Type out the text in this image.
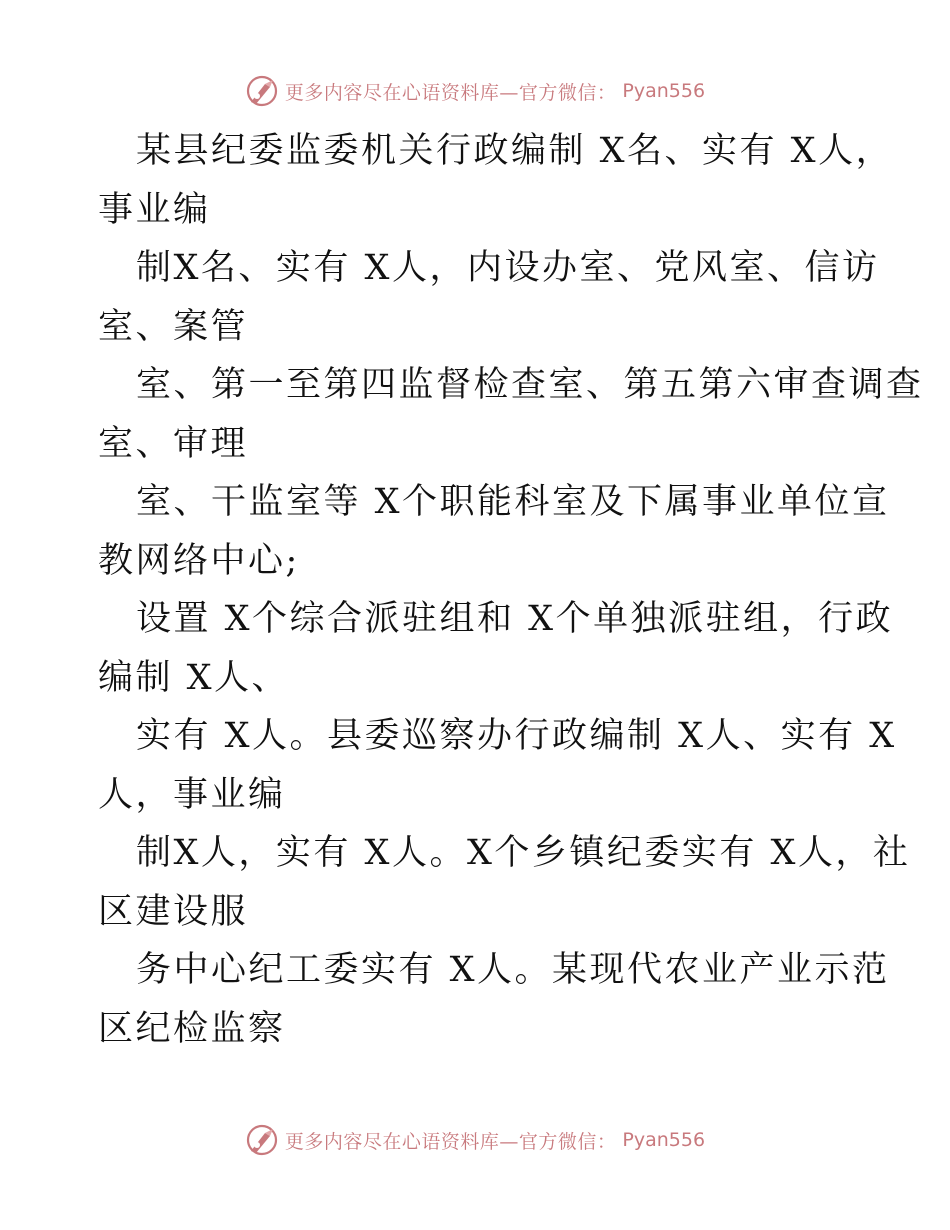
更多内容尽在心语资料库—官方微信： Pyan556
某县纪委监委机关行政编制 X名、实有 X人，
事业编
制X名、实有 X人，内设办室、党风室、信访
室、案管
室、第一至第四监督检查室、第五第六审查调查
室、审理
室、干监室等 X个职能科室及下属事业单位宣
教网络中心;
设置 X个综合派驻组和 X个单独派驻组，行政
编制 X人、
实有 X人。县委巡察办行政编制 X人、实有 X
人，事业编
制X人，实有 X人。X个乡镇纪委实有 X人，社
区建设服
务中心纪工委实有 X人。某现代农业产业示范
区纪检监察
更多内容尽在心语资料库—官方微信： Pyan556
